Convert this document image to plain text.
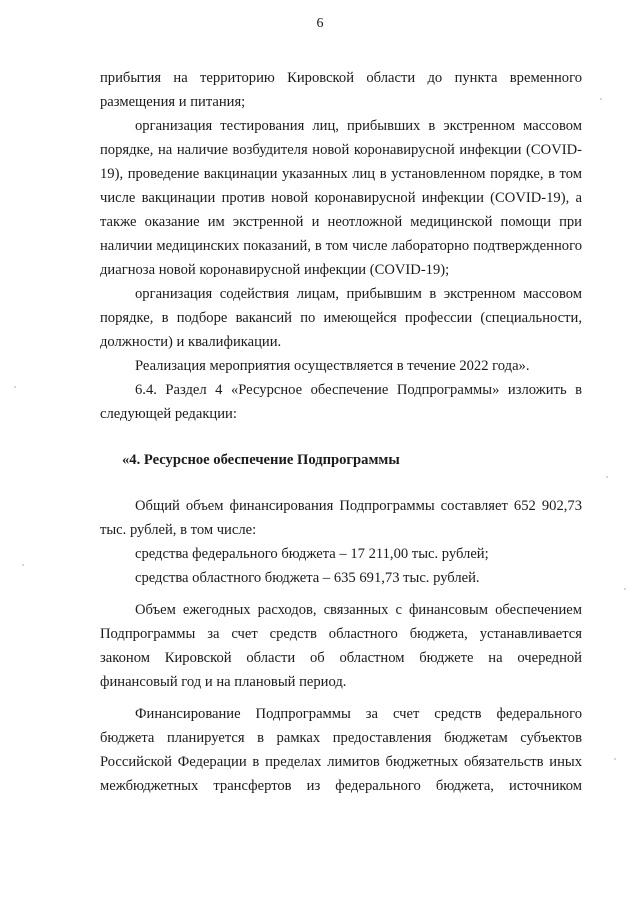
6

прибытия на территорию Кировской области до пункта временного размещения и питания;

организация тестирования лиц, прибывших в экстренном массовом порядке, на наличие возбудителя новой коронавирусной инфекции (COVID-19), проведение вакцинации указанных лиц в установленном порядке, в том числе вакцинации против новой коронавирусной инфекции (COVID-19), а также оказание им экстренной и неотложной медицинской помощи при наличии медицинских показаний, в том числе лабораторно подтвержденного диагноза новой коронавирусной инфекции (COVID-19);

организация содействия лицам, прибывшим в экстренном массовом порядке, в подборе вакансий по имеющейся профессии (специальности, должности) и квалификации.

Реализация мероприятия осуществляется в течение 2022 года».

6.4. Раздел 4 «Ресурсное обеспечение Подпрограммы» изложить в следующей редакции:

«4. Ресурсное обеспечение Подпрограммы

Общий объем финансирования Подпрограммы составляет 652 902,73 тыс. рублей, в том числе:

средства федерального бюджета – 17 211,00 тыс. рублей;

средства областного бюджета – 635 691,73 тыс. рублей.

Объем ежегодных расходов, связанных с финансовым обеспечением Подпрограммы за счет средств областного бюджета, устанавливается законом Кировской области об областном бюджете на очередной финансовый год и на плановый период.

Финансирование Подпрограммы за счет средств федерального бюджета планируется в рамках предоставления бюджетам субъектов Российской Федерации в пределах лимитов бюджетных обязательств иных межбюджетных трансфертов из федерального бюджета, источником
